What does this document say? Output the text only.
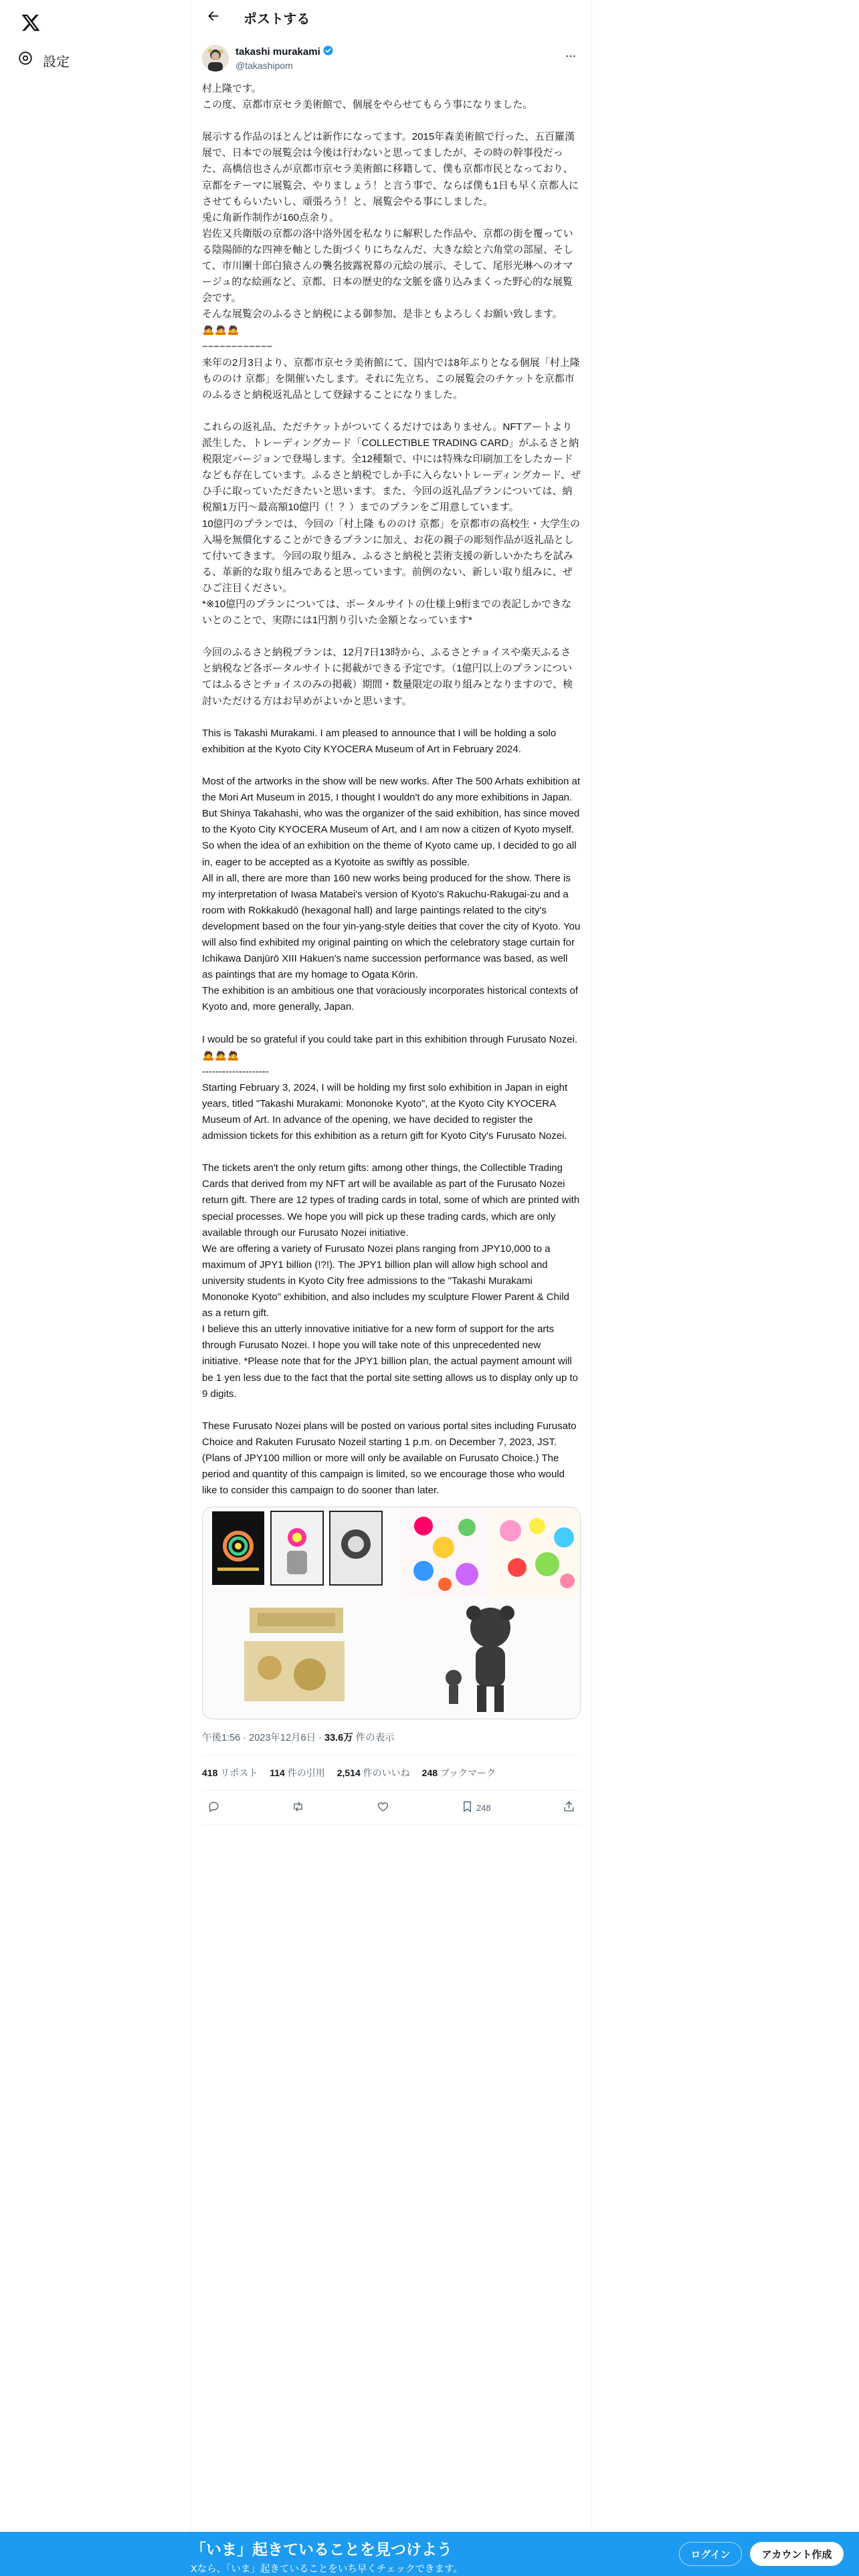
設定
ポストする
takashi murakami
@takashipom
村上隆です。
この度、京都市京セラ美術館で、個展をやらせてもらう事になりました。

展示する作品のほとんどは新作になってます。2015年森美術館で行った、五百羅漢展で、日本での展覧会は今後は行わないと思ってましたが、その時の幹事役だった、高橋信也さんが京都市京セラ美術館に移籍して、僕も京都市民となっており、京都をテーマに展覧会、やりましょう！と言う事で、ならば僕も1日も早く京都人にさせてもらいたいし、頑張ろう！と、展覧会やる事にしました。
兎に角新作制作が160点余り。
岩佐又兵衛版の京都の洛中洛外図を私なりに解釈した作品や、京都の街を覆っている陰陽師的な四神を軸とした街づくりにちなんだ、大きな絵と六角堂の部屋、そして、市川團十郎白猿さんの襲名披露祝幕の元絵の展示、そして、尾形光琳へのオマージュ的な絵画など、京都、日本の歴史的な文脈を盛り込みまくった野心的な展覧会です。
そんな展覧会のふるさと納税による御参加、是非ともよろしくお願い致します。
🙇🙇🙇
−−−−−−−−−−−−
来年の2月3日より、京都市京セラ美術館にて、国内では8年ぶりとなる個展「村上隆 もののけ 京都」を開催いたします。それに先立ち、この展覧会のチケットを京都市のふるさと納税返礼品として登録することになりました。

これらの返礼品、ただチケットがついてくるだけではありません。NFTアートより派生した、トレーディングカード「COLLECTIBLE TRADING CARD」がふるさと納税限定バージョンで登場します。全12種類で、中には特殊な印刷加工をしたカードなども存在しています。ふるさと納税でしか手に入らないトレーディングカード、ぜひ手に取っていただきたいと思います。また、今回の返礼品プランについては、納税額1万円〜最高額10億円（！？）までのプランをご用意しています。
10億円のプランでは、今回の「村上隆 もののけ 京都」を京都市の高校生・大学生の入場を無償化することができるプランに加え、お花の親子の彫刻作品が返礼品として付いてきます。今回の取り組み、ふるさと納税と芸術支援の新しいかたちを試みる、革新的な取り組みであると思っています。前例のない、新しい取り組みに、ぜひご注目ください。
*※10億円のプランについては、ポータルサイトの仕様上9桁までの表記しかできないとのことで、実際には1円割り引いた金額となっています*

今回のふるさと納税プランは、12月7日13時から、ふるさとチョイスや楽天ふるさと納税など各ポータルサイトに掲載ができる予定です。（1億円以上のプランについてはふるさとチョイスのみの掲載）期間・数量限定の取り組みとなりますので、検討いただける方はお早めがよいかと思います。

This is Takashi Murakami. I am pleased to announce that I will be holding a solo exhibition at the Kyoto City KYOCERA Museum of Art in February 2024.

Most of the artworks in the show will be new works. After The 500 Arhats exhibition at the Mori Art Museum in 2015, I thought I wouldn't do any more exhibitions in Japan. But Shinya Takahashi, who was the organizer of the said exhibition, has since moved to the Kyoto City KYOCERA Museum of Art, and I am now a citizen of Kyoto myself. So when the idea of an exhibition on the theme of Kyoto came up, I decided to go all in, eager to be accepted as a Kyotoite as swiftly as possible.
All in all, there are more than 160 new works being produced for the show. There is my interpretation of Iwasa Matabei's version of Kyoto's Rakuchu-Rakugai-zu and a room with Rokkakudō (hexagonal hall) and large paintings related to the city's development based on the four yin-yang-style deities that cover the city of Kyoto. You will also find exhibited my original painting on which the celebratory stage curtain for Ichikawa Danjūrō XIII Hakuen's name succession performance was based, as well as paintings that are my homage to Ogata Kōrin.
The exhibition is an ambitious one that voraciously incorporates historical contexts of Kyoto and, more generally, Japan.

I would be so grateful if you could take part in this exhibition through Furusato Nozei.
🙇🙇🙇
--------------------
Starting February 3, 2024, I will be holding my first solo exhibition in Japan in eight years, titled "Takashi Murakami: Mononoke Kyoto", at the Kyoto City KYOCERA Museum of Art. In advance of the opening, we have decided to register the admission tickets for this exhibition as a return gift for Kyoto City's Furusato Nozei.

The tickets aren't the only return gifts: among other things, the Collectible Trading Cards that derived from my NFT art will be available as part of the Furusato Nozei return gift. There are 12 types of trading cards in total, some of which are printed with special processes. We hope you will pick up these trading cards, which are only available through our Furusato Nozei initiative.
We are offering a variety of Furusato Nozei plans ranging from JPY10,000 to a maximum of JPY1 billion (!?!). The JPY1 billion plan will allow high school and university students in Kyoto City free admissions to the "Takashi Murakami Mononoke Kyoto" exhibition, and also includes my sculpture Flower Parent & Child as a return gift.
I believe this an utterly innovative initiative for a new form of support for the arts through Furusato Nozei. I hope you will take note of this unprecedented new initiative. *Please note that for the JPY1 billion plan, the actual payment amount will be 1 yen less due to the fact that the portal site setting allows us to display only up to 9 digits.

These Furusato Nozei plans will be posted on various portal sites including Furusato Choice and Rakuten Furusato Nozeil starting 1 p.m. on December 7, 2023, JST. (Plans of JPY100 million or more will only be available on Furusato Choice.) The period and quantity of this campaign is limited, so we encourage those who would like to consider this campaign to do sooner than later.
午後1:56 · 2023年12月6日 · 33.6万 件の表示
418 リポスト 114 件の引用 2,514 件のいいね 248 ブックマーク
248
「いま」起きていることを見つけよう
Xなら、「いま」起きていることをいち早くチェックできます。
ログイン	アカウント作成
